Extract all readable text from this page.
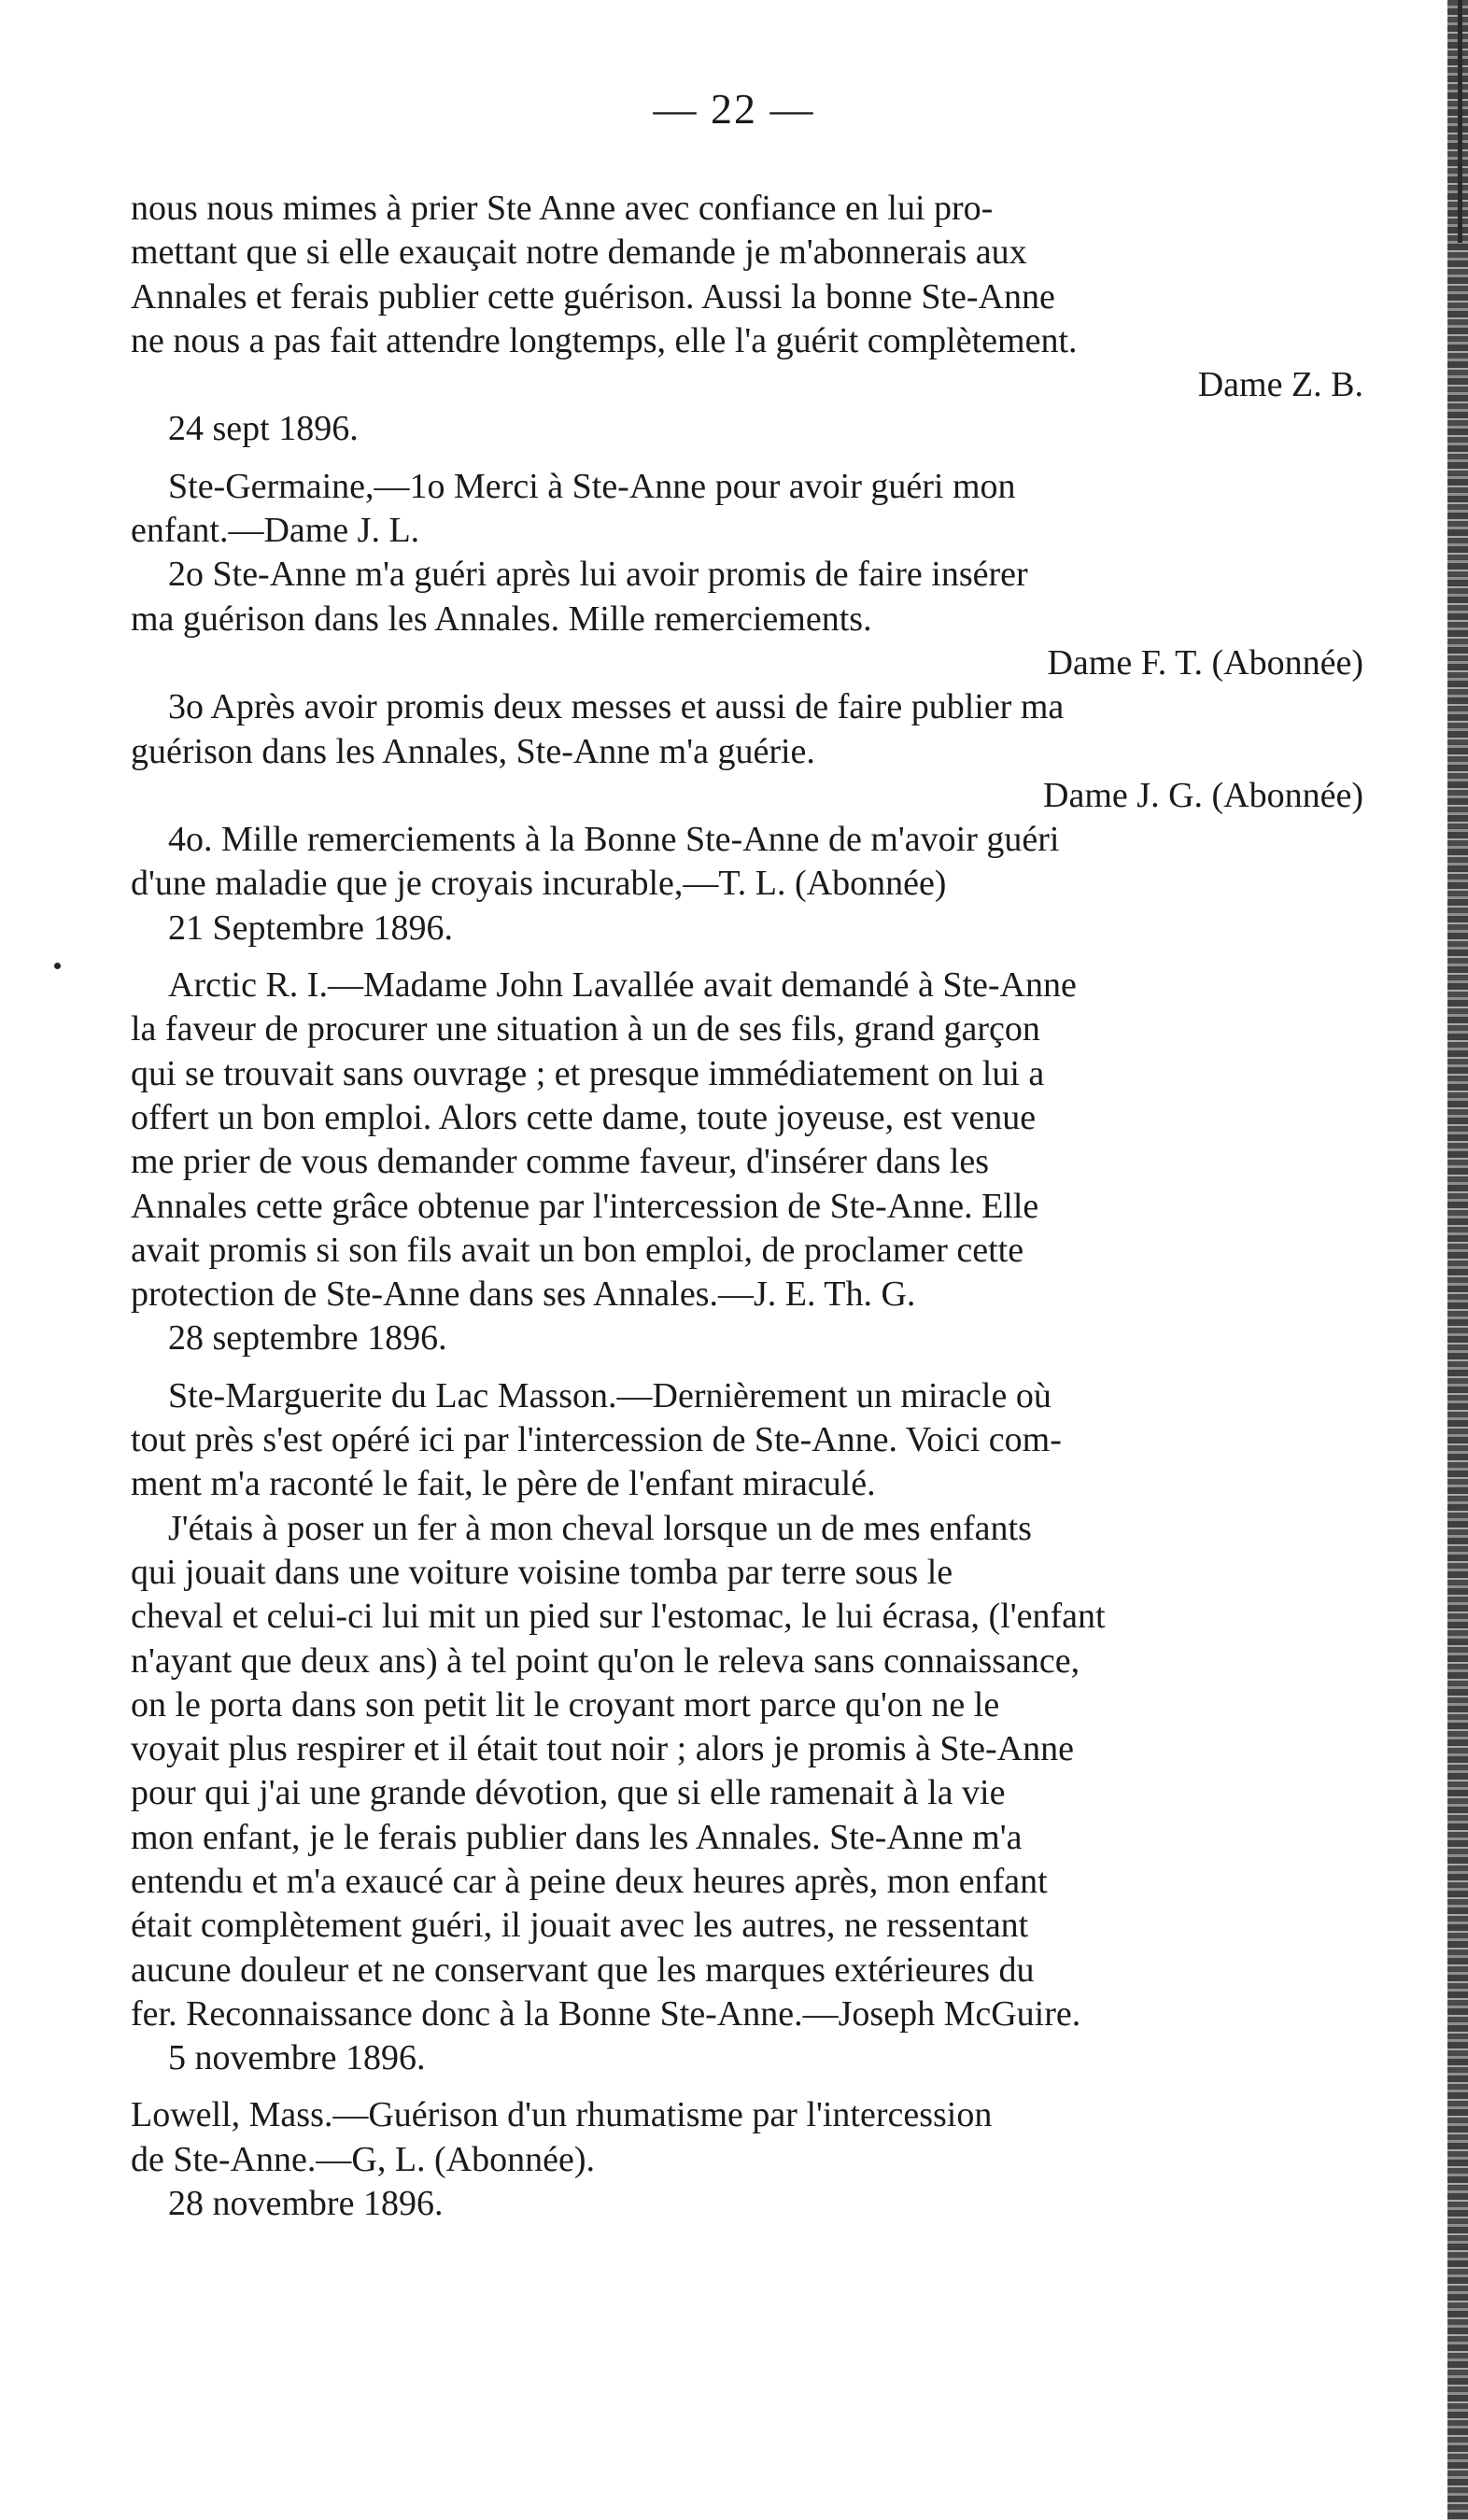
— 22 —
nous nous mimes à prier Ste Anne avec confiance en lui pro-
mettant que si elle exauçait notre demande je m'abonnerais aux
Annales et ferais publier cette guérison. Aussi la bonne Ste-Anne
ne nous a pas fait attendre longtemps, elle l'a guérit complètement.
Dame Z. B.
24 sept 1896.
Ste-Germaine,—1o Merci à Ste-Anne pour avoir guéri mon
enfant.—Dame J. L.
2o Ste-Anne m'a guéri après lui avoir promis de faire insérer
ma guérison dans les Annales. Mille remerciements.
Dame F. T. (Abonnée)
3o Après avoir promis deux messes et aussi de faire publier ma
guérison dans les Annales, Ste-Anne m'a guérie.
Dame J. G. (Abonnée)
4o. Mille remerciements à la Bonne Ste-Anne de m'avoir guéri
d'une maladie que je croyais incurable,—T. L. (Abonnée)
21 Septembre 1896.
Arctic R. I.—Madame John Lavallée avait demandé à Ste-Anne
la faveur de procurer une situation à un de ses fils, grand garçon
qui se trouvait sans ouvrage ; et presque immédiatement on lui a
offert un bon emploi. Alors cette dame, toute joyeuse, est venue
me prier de vous demander comme faveur, d'insérer dans les
Annales cette grâce obtenue par l'intercession de Ste-Anne. Elle
avait promis si son fils avait un bon emploi, de proclamer cette
protection de Ste-Anne dans ses Annales.—J. E. Th. G.
28 septembre 1896.
Ste-Marguerite du Lac Masson.—Dernièrement un miracle où
tout près s'est opéré ici par l'intercession de Ste-Anne. Voici com-
ment m'a raconté le fait, le père de l'enfant miraculé.
J'étais à poser un fer à mon cheval lorsque un de mes enfants
qui jouait dans une voiture voisine tomba par terre sous le
cheval et celui-ci lui mit un pied sur l'estomac, le lui écrasa, (l'enfant
n'ayant que deux ans) à tel point qu'on le releva sans connaissance,
on le porta dans son petit lit le croyant mort parce qu'on ne le
voyait plus respirer et il était tout noir ; alors je promis à Ste-Anne
pour qui j'ai une grande dévotion, que si elle ramenait à la vie
mon enfant, je le ferais publier dans les Annales. Ste-Anne m'a
entendu et m'a exaucé car à peine deux heures après, mon enfant
était complètement guéri, il jouait avec les autres, ne ressentant
aucune douleur et ne conservant que les marques extérieures du
fer. Reconnaissance donc à la Bonne Ste-Anne.—Joseph McGuire.
5 novembre 1896.
Lowell, Mass.—Guérison d'un rhumatisme par l'intercession
de Ste-Anne.—G, L. (Abonnée).
28 novembre 1896.
